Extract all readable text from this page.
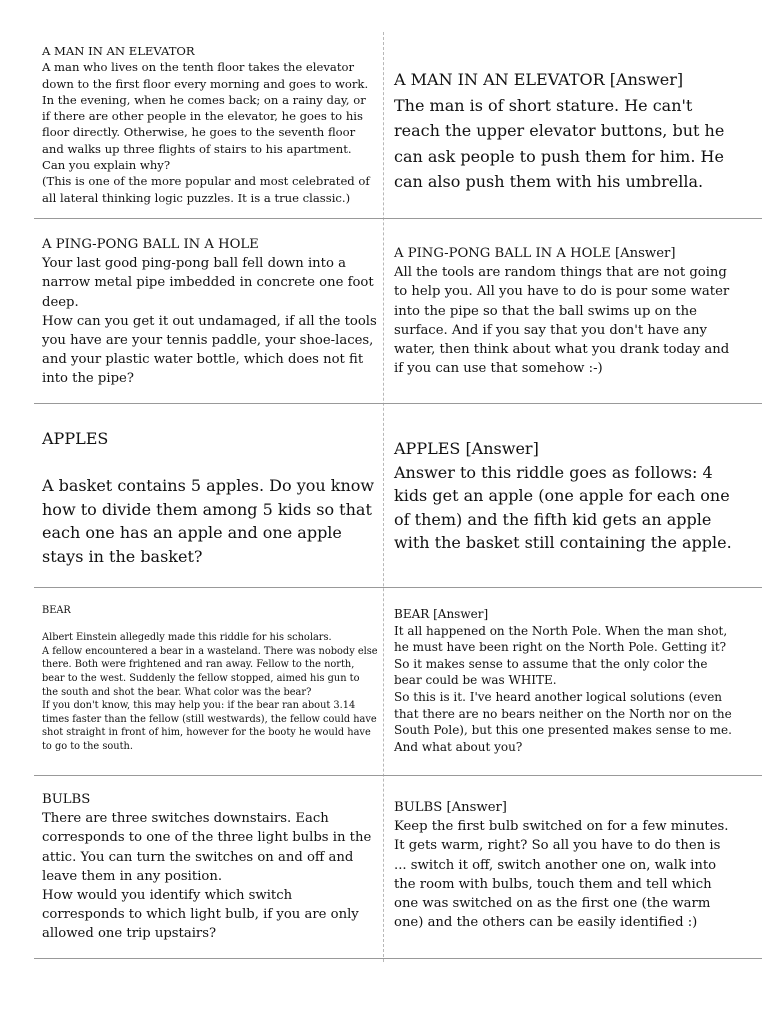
A MAN IN AN ELEVATOR

A man who lives on the tenth floor takes the elevator down to the first floor every morning and goes to work. In the evening, when he comes back; on a rainy day, or if there are other people in the elevator, he goes to his floor directly. Otherwise, he goes to the seventh floor and walks up three flights of stairs to his apartment.
Can you explain why?
(This is one of the more popular and most celebrated of all lateral thinking logic puzzles. It is a true classic.)

A MAN IN AN ELEVATOR [Answer]

The man is of short stature. He can't reach the upper elevator buttons, but he can ask people to push them for him. He can also push them with his umbrella.

A PING-PONG BALL IN A HOLE

Your last good ping-pong ball fell down into a narrow metal pipe imbedded in concrete one foot deep.
How can you get it out undamaged, if all the tools you have are your tennis paddle, your shoe-laces, and your plastic water bottle, which does not fit into the pipe?

A PING-PONG BALL IN A HOLE [Answer]

All the tools are random things that are not going to help you. All you have to do is pour some water into the pipe so that the ball swims up on the surface. And if you say that you don't have any water, then think about what you drank today and if you can use that somehow :-)

APPLES

A basket contains 5 apples. Do you know how to divide them among 5 kids so that each one has an apple and one apple stays in the basket?

APPLES [Answer]

Answer to this riddle goes as follows: 4 kids get an apple (one apple for each one of them) and the fifth kid gets an apple with the basket still containing the apple.

BEAR

Albert Einstein allegedly made this riddle for his scholars.
A fellow encountered a bear in a wasteland. There was nobody else there. Both were frightened and ran away. Fellow to the north, bear to the west. Suddenly the fellow stopped, aimed his gun to the south and shot the bear. What color was the bear?
If you don't know, this may help you: if the bear ran about 3.14 times faster than the fellow (still westwards), the fellow could have shot straight in front of him, however for the booty he would have to go to the south.

BEAR [Answer]

It all happened on the North Pole. When the man shot, he must have been right on the North Pole. Getting it? So it makes sense to assume that the only color the bear could be was WHITE.
So this is it. I've heard another logical solutions (even that there are no bears neither on the North nor on the South Pole), but this one presented makes sense to me. And what about you?

BULBS

There are three switches downstairs. Each corresponds to one of the three light bulbs in the attic. You can turn the switches on and off and leave them in any position.
How would you identify which switch corresponds to which light bulb, if you are only allowed one trip upstairs?

BULBS [Answer]

Keep the first bulb switched on for a few minutes. It gets warm, right? So all you have to do then is ... switch it off, switch another one on, walk into the room with bulbs, touch them and tell which one was switched on as the first one (the warm one) and the others can be easily identified :)
